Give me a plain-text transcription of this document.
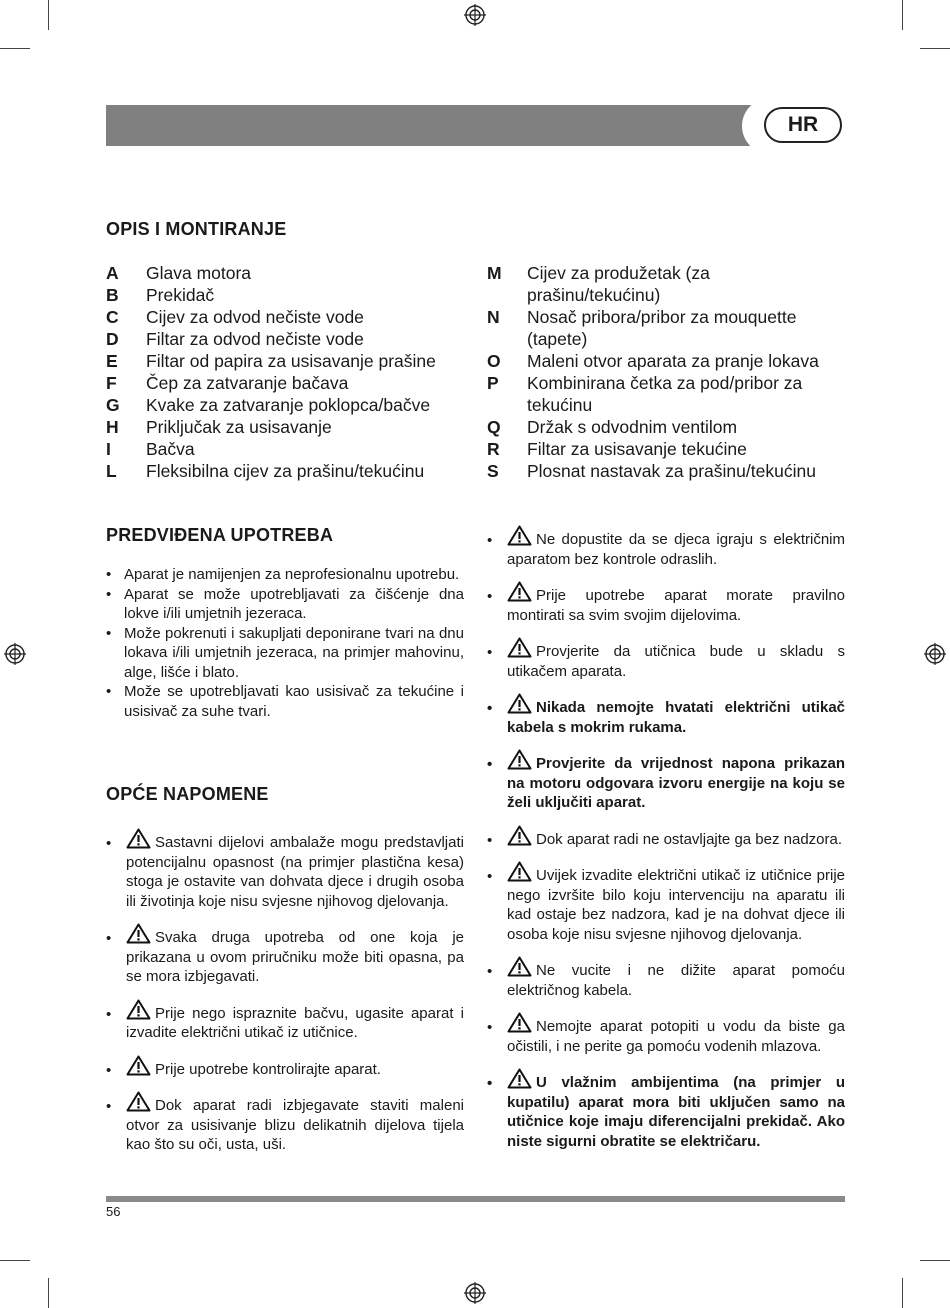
HR
OPIS I MONTIRANJE
A	Glava motora
B	Prekidač
C	Cijev za odvod nečiste vode
D	Filtar za odvod nečiste vode
E	Filtar od papira za usisavanje prašine
F	Čep za zatvaranje bačava
G	Kvake za zatvaranje poklopca/bačve
H	Priključak za usisavanje
I	Bačva
L	Fleksibilna cijev za prašinu/tekućinu
M	Cijev za produžetak (za prašinu/tekućinu)
N	Nosač pribora/pribor za mouquette (tapete)
O	Maleni otvor aparata za pranje lokava
P	Kombinirana četka za pod/pribor za tekućinu
Q	Držak s odvodnim ventilom
R	Filtar za usisavanje tekućine
S	Plosnat nastavak za prašinu/tekućinu
PREDVIĐENA UPOTREBA
• Aparat je namijenjen za neprofesionalnu upotrebu.
• Aparat se može upotrebljavati za čišćenje dna lokve i/ili umjetnih jezeraca.
• Može pokrenuti i sakupljati deponirane tvari na dnu lokava i/ili umjetnih jezeraca, na primjer mahovinu, alge, lišće i blato.
• Može se upotrebljavati kao usisivač za tekućine i usisivač za suhe tvari.
OPĆE NAPOMENE
•	Sastavni dijelovi ambalaže mogu predstavljati potencijalnu opasnost (na primjer plastična kesa) stoga je ostavite van dohvata djece i drugih osoba ili životinja koje nisu svjesne njihovog djelovanja.
•	Svaka druga upotreba od one koja je prikazana u ovom priručniku može biti opasna, pa se mora izbjegavati.
•	Prije nego ispraznite bačvu, ugasite aparat i izvadite električni utikač iz utičnice.
•	Prije upotrebe kontrolirajte aparat.
•	Dok aparat radi izbjegavate staviti maleni otvor za usisivanje blizu delikatnih dijelova tijela kao što su oči, usta, uši.
•	Ne dopustite da se djeca igraju s električnim aparatom bez kontrole odraslih.
•	Prije upotrebe aparat morate pravilno montirati sa svim svojim dijelovima.
•	Provjerite da utičnica bude u skladu s utikačem aparata.
•	Nikada nemojte hvatati električni utikač kabela s mokrim rukama.
•	Provjerite da vrijednost napona prikazan na motoru odgovara izvoru energije na koju se želi uključiti aparat.
•	Dok aparat radi ne ostavljajte ga bez nadzora.
•	Uvijek izvadite električni utikač iz utičnice prije nego izvršite bilo koju intervenciju na aparatu ili kad ostaje bez nadzora, kad je na dohvat djece ili osoba koje nisu svjesne njihovog djelovanja.
•	Ne vucite i ne dižite aparat pomoću električnog kabela.
•	Nemojte aparat potopiti u vodu da biste ga očistili, i ne perite ga pomoću vodenih mlazova.
•	U vlažnim ambijentima (na primjer u kupatilu) aparat mora biti uključen samo na utičnice koje imaju diferencijalni prekidač. Ako niste sigurni obratite se električaru.
56
